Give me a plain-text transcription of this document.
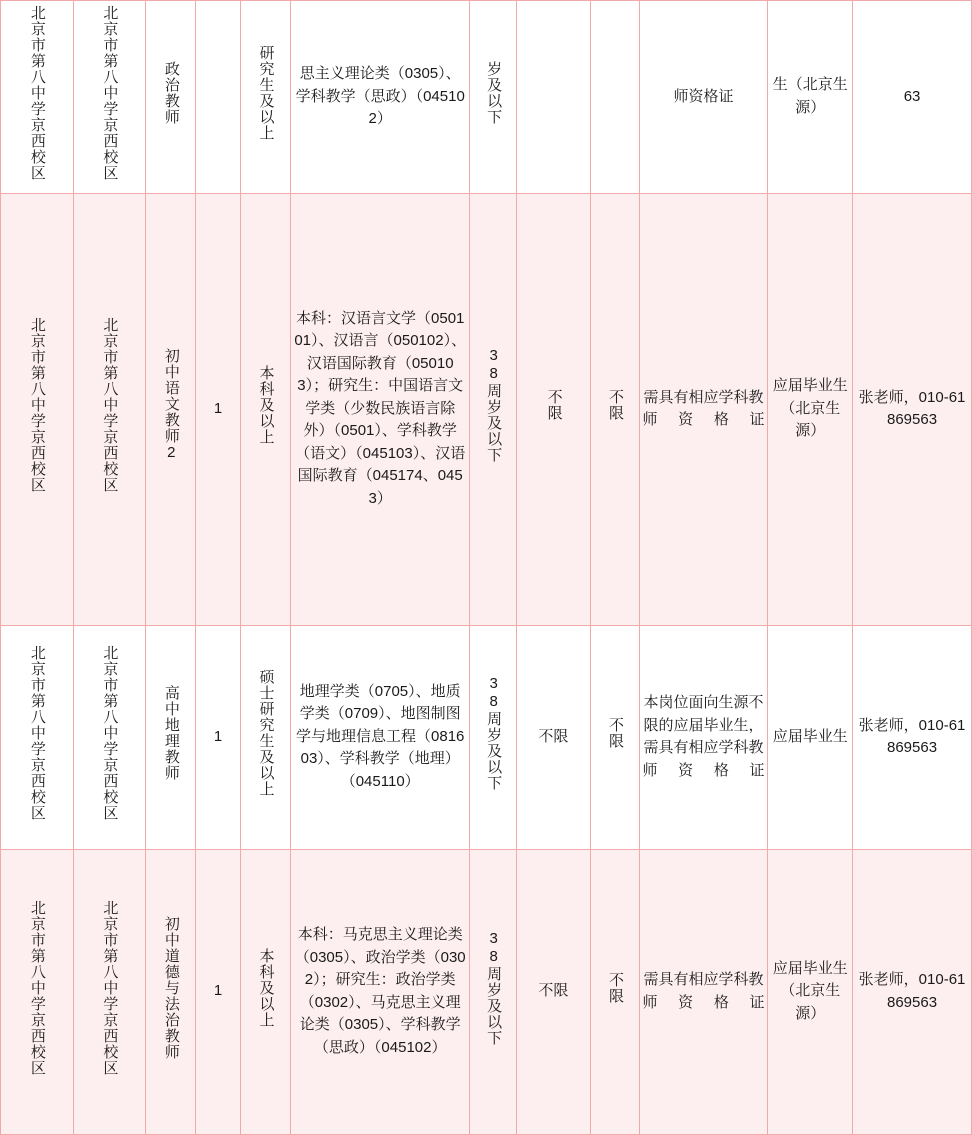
北京市第八中学京西校区	北京市第八中学京西校区	政治教师		研究生及以上	思主义理论类（0305）、学科教学（思政）（045102）	岁及以下			师资格证	生（北京生源）	63
北京市第八中学京西校区	北京市第八中学京西校区	初中语文教师2	1	本科及以上	本科：汉语言文学（050101）、汉语言（050102）、汉语国际教育（050103）；研究生：中国语言文学类（少数民族语言除外）（0501）、学科教学（语文）（045103）、汉语国际教育（045174、0453）	38周岁及以下	不限	不限	需具有相应学科教师资格证	应届毕业生（北京生源）	张老师，010-61869563
北京市第八中学京西校区	北京市第八中学京西校区	高中地理教师	1	硕士研究生及以上	地理学类（0705）、地质学类（0709）、地图制图学与地理信息工程（081603）、学科教学（地理）（045110）	38周岁及以下	不限	不限	本岗位面向生源不限的应届毕业生，需具有相应学科教师资格证	应届毕业生	张老师，010-61869563
北京市第八中学京西校区	北京市第八中学京西校区	初中道德与法治教师	1	本科及以上	本科：马克思主义理论类（0305）、政治学类（0302）；研究生：政治学类（0302）、马克思主义理论类（0305）、学科教学（思政）（045102）	38周岁及以下	不限	不限	需具有相应学科教师资格证	应届毕业生（北京生源）	张老师，010-61869563
